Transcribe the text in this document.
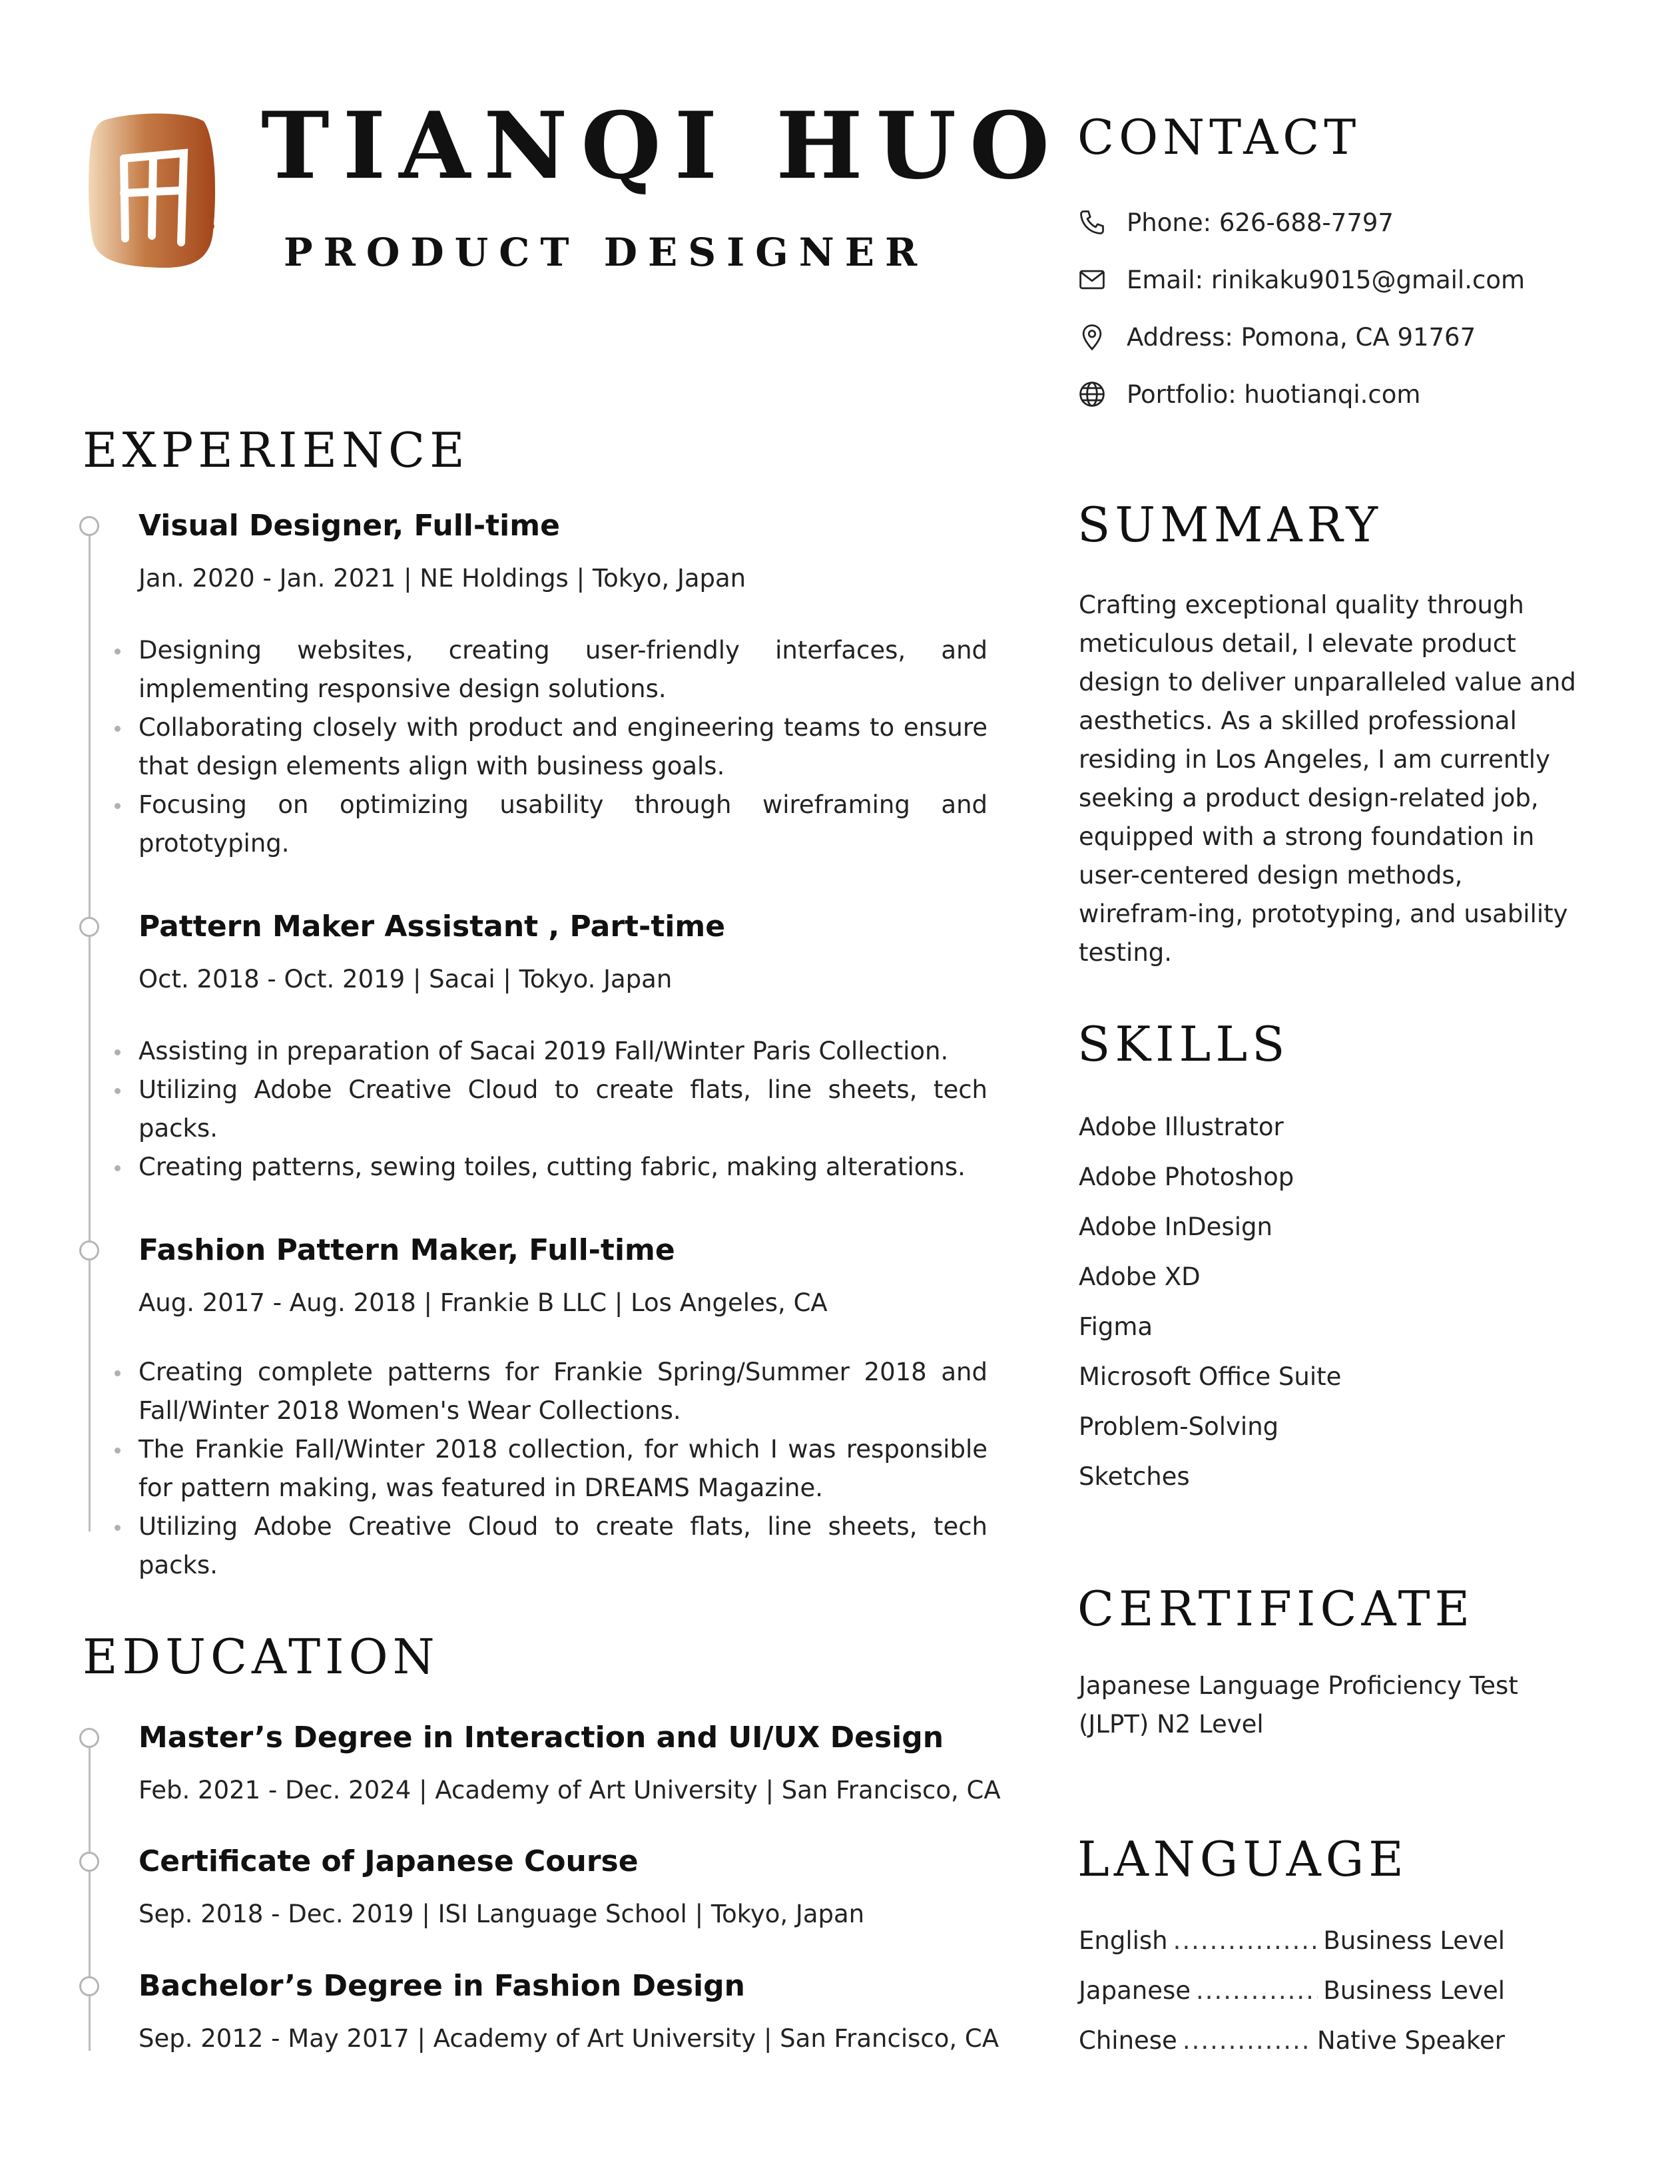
TIANQI HUO
PRODUCT DESIGNER
EXPERIENCE
Visual Designer, Full-time
Jan. 2020 - Jan. 2021 | NE Holdings | Tokyo, Japan
Designing websites, creating user-friendly interfaces, and implementing responsive design solutions.
Collaborating closely with product and engineering teams to ensure that design elements align with business goals.
Focusing on optimizing usability through wireframing and prototyping.
Pattern Maker Assistant , Part-time
Oct. 2018 - Oct. 2019 | Sacai | Tokyo. Japan
Assisting in preparation of Sacai 2019 Fall/Winter Paris Collection.
Utilizing Adobe Creative Cloud to create flats, line sheets, tech packs.
Creating patterns, sewing toiles, cutting fabric, making alterations.
Fashion Pattern Maker, Full-time
Aug. 2017 - Aug. 2018 | Frankie B LLC | Los Angeles, CA
Creating complete patterns for Frankie Spring/Summer 2018 and Fall/Winter 2018 Women's Wear Collections.
The Frankie Fall/Winter 2018 collection, for which I was responsible for pattern making, was featured in DREAMS Magazine.
Utilizing Adobe Creative Cloud to create flats, line sheets, tech packs.
EDUCATION
Master’s Degree in Interaction and UI/UX Design
Feb. 2021 - Dec. 2024 | Academy of Art University | San Francisco, CA
Certificate of Japanese Course
Sep. 2018 - Dec. 2019 | ISI Language School | Tokyo, Japan
Bachelor’s Degree in Fashion Design
Sep. 2012 - May 2017 | Academy of Art University | San Francisco, CA
CONTACT
Phone: 626-688-7797
Email: rinikaku9015@gmail.com
Address: Pomona, CA 91767
Portfolio: huotianqi.com
SUMMARY

Crafting exceptional quality through meticulous detail, I elevate product design to deliver unparalleled value and aesthetics. As a skilled professional residing in Los Angeles, I am currently seeking a product design-related job, equipped with a strong foundation in user-centered design methods, wirefram-ing, prototyping, and usability testing.

SKILLS
Adobe Illustrator
Adobe Photoshop
Adobe InDesign
Adobe XD
Figma
Microsoft Office Suite
Problem-Solving
Sketches
CERTIFICATE

Japanese Language Proficiency Test (JLPT) N2 Level

LANGUAGE
English .....	Business Level
Japanese .....	Business Level
Chinese .....	Native Speaker
